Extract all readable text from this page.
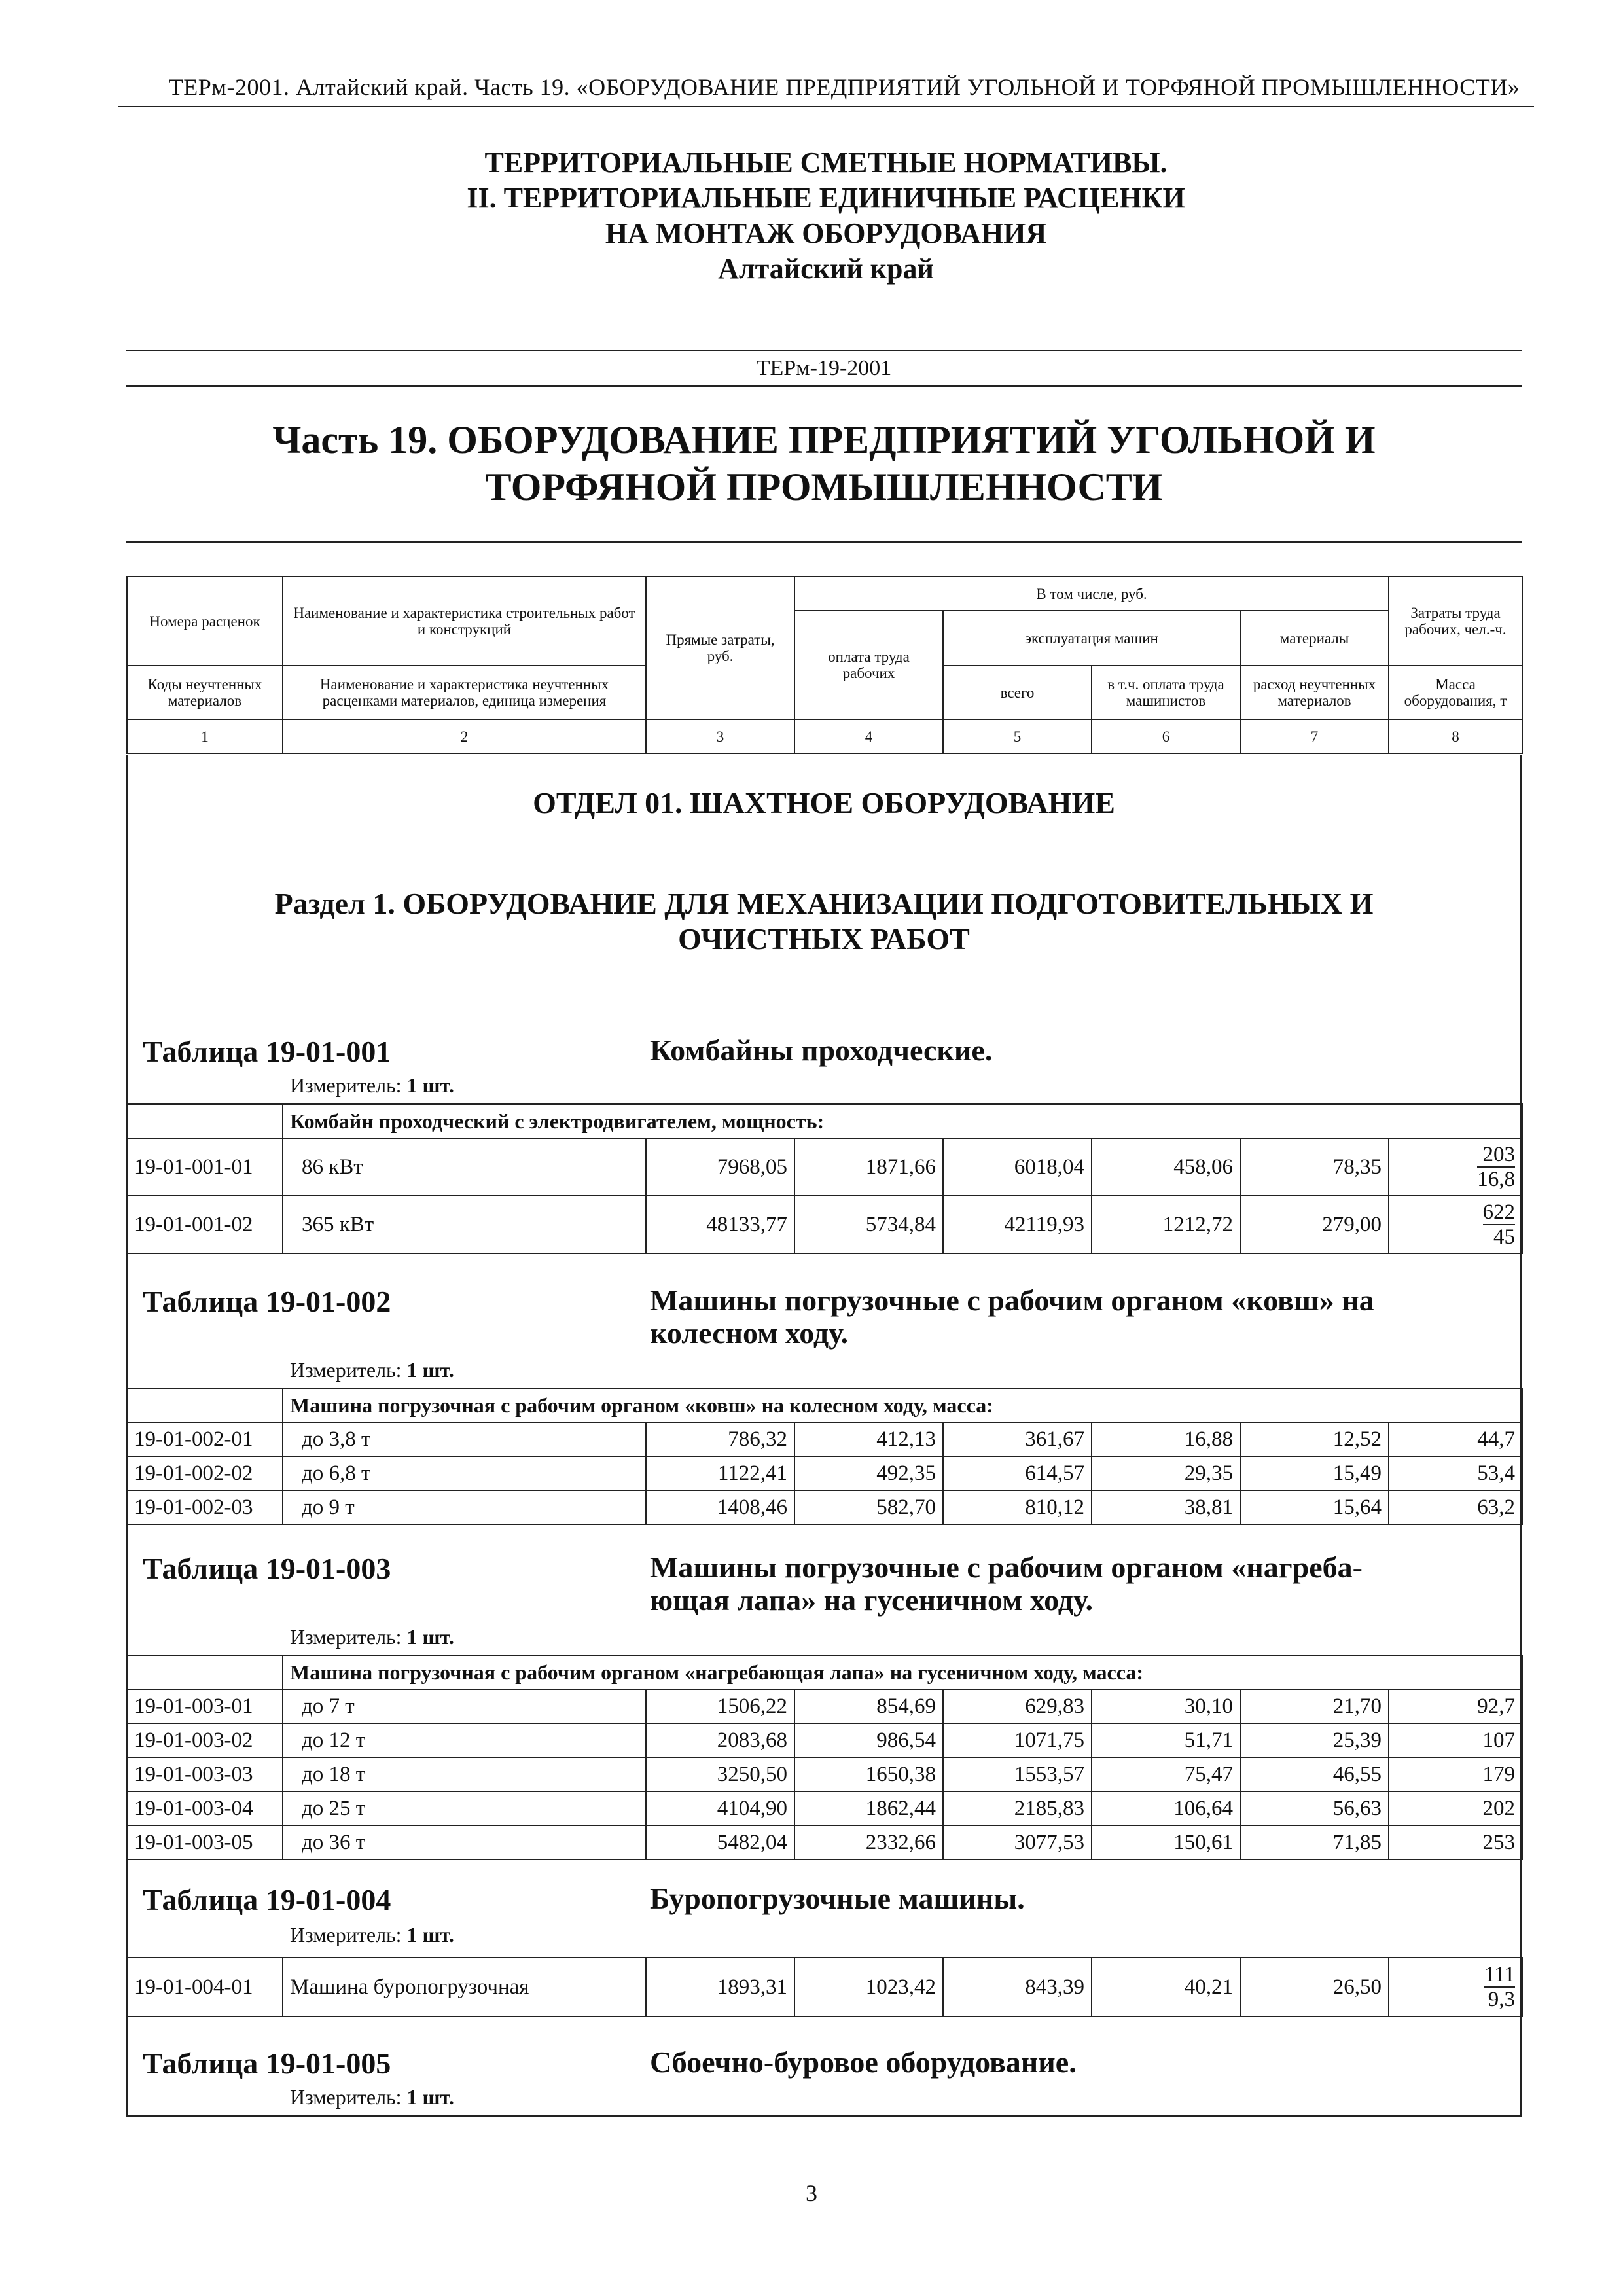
ТЕРм-2001. Алтайский край. Часть 19. «ОБОРУДОВАНИЕ ПРЕДПРИЯТИЙ УГОЛЬНОЙ И ТОРФЯНОЙ ПРОМЫШЛЕННОСТИ»
ТЕРРИТОРИАЛЬНЫЕ СМЕТНЫЕ НОРМАТИВЫ.
II. ТЕРРИТОРИАЛЬНЫЕ ЕДИНИЧНЫЕ РАСЦЕНКИ
НА МОНТАЖ ОБОРУДОВАНИЯ
Алтайский край
ТЕРм-19-2001
Часть 19. ОБОРУДОВАНИЕ ПРЕДПРИЯТИЙ УГОЛЬНОЙ И
ТОРФЯНОЙ ПРОМЫШЛЕННОСТИ
Номера расценок	Наименование и характеристика строительных работ и конструкций	Прямые затраты, руб.	В том числе, руб.				Затраты труда рабочих, чел.-ч.
			оплата труда рабочих	эксплуатация машин		материалы	
Коды неучтенных материалов	Наименование и характеристика неучтенных расценками материалов, единица измерения			всего	в т.ч. оплата труда машинистов	расход неучтенных материалов	Масса оборудования, т
1	2	3	4	5	6	7	8
ОТДЕЛ 01. ШАХТНОЕ ОБОРУДОВАНИЕ
Раздел 1. ОБОРУДОВАНИЕ ДЛЯ МЕХАНИЗАЦИИ ПОДГОТОВИТЕЛЬНЫХ И
ОЧИСТНЫХ РАБОТ
Таблица 19-01-001	Комбайны проходческие.
Измеритель: 1 шт.
	Комбайн проходческий с электродвигателем, мощность:						
19-01-001-01	86 кВт	7968,05	1871,66	6018,04	458,06	78,35	$\frac{203}{16,8}$

19-01-001-02	365 кВт	48133,77	5734,84	42119,93	1212,72	279,00	$\frac{622}{45}$
Таблица 19-01-002	Машины погрузочные с рабочим органом «ковш» на
колесном ходу.
Измеритель: 1 шт.
	Машина погрузочная с рабочим органом «ковш» на колесном ходу, масса:						
19-01-002-01	до 3,8 т	786,32	412,13	361,67	16,88	12,52	44,7
19-01-002-02	до 6,8 т	1122,41	492,35	614,57	29,35	15,49	53,4
19-01-002-03	до 9 т	1408,46	582,70	810,12	38,81	15,64	63,2
Таблица 19-01-003	Машины погрузочные с рабочим органом «нагреба-
ющая лапа» на гусеничном ходу.
Измеритель: 1 шт.
	Машина погрузочная с рабочим органом «нагребающая лапа» на гусеничном ходу, масса:						
19-01-003-01	до 7 т	1506,22	854,69	629,83	30,10	21,70	92,7
19-01-003-02	до 12 т	2083,68	986,54	1071,75	51,71	25,39	107
19-01-003-03	до 18 т	3250,50	1650,38	1553,57	75,47	46,55	179
19-01-003-04	до 25 т	4104,90	1862,44	2185,83	106,64	56,63	202
19-01-003-05	до 36 т	5482,04	2332,66	3077,53	150,61	71,85	253
Таблица 19-01-004	Буропогрузочные машины.
Измеритель: 1 шт.
19-01-004-01	Машина буропогрузочная	1893,31	1023,42	843,39	40,21	26,50	$\frac{111}{9,3}$
Таблица 19-01-005	Сбоечно-буровое оборудование.
Измеритель: 1 шт.
3
